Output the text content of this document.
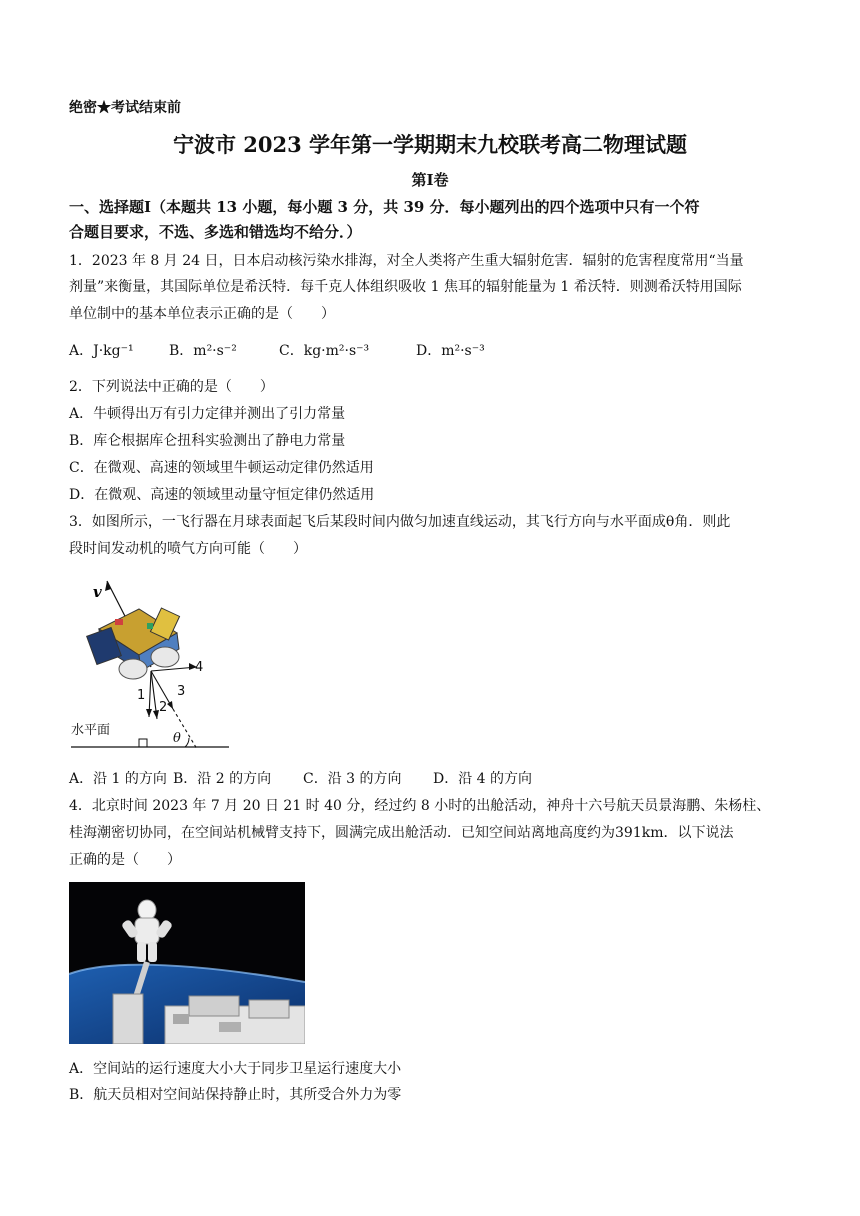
绝密★考试结束前
宁波市 2023 学年第一学期期末九校联考高二物理试题
第Ⅰ卷
一、选择题Ⅰ（本题共 13 小题，每小题 3 分，共 39 分．每小题列出的四个选项中只有一个符
合题目要求，不选、多选和错选均不给分．）
1．2023 年 8 月 24 日，日本启动核污染水排海，对全人类将产生重大辐射危害．辐射的危害程度常用“当量
剂量”来衡量，其国际单位是希沃特．每千克人体组织吸收 1 焦耳的辐射能量为 1 希沃特．则测希沃特用国际
单位制中的基本单位表示正确的是（　　）
A．J·kg⁻¹	B．m²·s⁻²	C．kg·m²·s⁻³	D．m²·s⁻³
2．下列说法中正确的是（　　）
A．牛顿得出万有引力定律并测出了引力常量
B．库仑根据库仑扭科实验测出了静电力常量
C．在微观、高速的领域里牛顿运动定律仍然适用
D．在微观、高速的领域里动量守恒定律仍然适用
3．如图所示，一飞行器在月球表面起飞后某段时间内做匀加速直线运动，其飞行方向与水平面成θ角．则此
段时间发动机的喷气方向可能（　　）
v
1
2
3
4
水平面
θ
A．沿 1 的方向 B．沿 2 的方向 C．沿 3 的方向 D．沿 4 的方向
4．北京时间 2023 年 7 月 20 日 21 时 40 分，经过约 8 小时的出舱活动，神舟十六号航天员景海鹏、朱杨柱、
桂海潮密切协同，在空间站机械臂支持下，圆满完成出舱活动．已知空间站离地高度约为391km．以下说法
正确的是（　　）
A．空间站的运行速度大小大于同步卫星运行速度大小
B．航天员相对空间站保持静止时，其所受合外力为零
